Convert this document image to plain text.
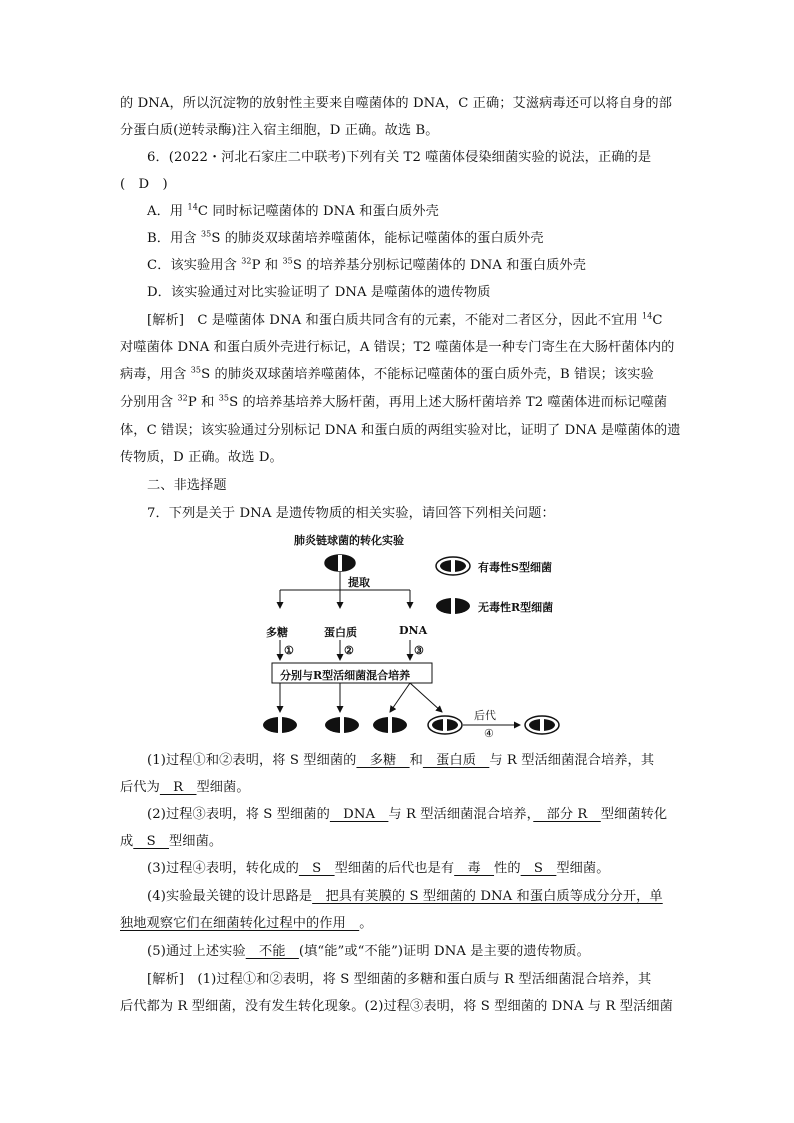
的 DNA，所以沉淀物的放射性主要来自噬菌体的 DNA，C 正确；艾滋病毒还可以将自身的部
分蛋白质(逆转录酶)注入宿主细胞，D 正确。故选 B。
6．(2022・河北石家庄二中联考)下列有关 T2 噬菌体侵染细菌实验的说法，正确的是
(　D　)
A．用 $^{14}$C 同时标记噬菌体的 DNA 和蛋白质外壳
B．用含 $^{35}$S 的肺炎双球菌培养噬菌体，能标记噬菌体的蛋白质外壳
C．该实验用含 $^{32}$P 和 $^{35}$S 的培养基分别标记噬菌体的 DNA 和蛋白质外壳
D．该实验通过对比实验证明了 DNA 是噬菌体的遗传物质
[解析]　C 是噬菌体 DNA 和蛋白质共同含有的元素，不能对二者区分，因此不宜用 $^{14}$C
对噬菌体 DNA 和蛋白质外壳进行标记，A 错误；T2 噬菌体是一种专门寄生在大肠杆菌体内的
病毒，用含 $^{35}$S 的肺炎双球菌培养噬菌体，不能标记噬菌体的蛋白质外壳，B 错误；该实验
分别用含 $^{32}$P 和 $^{35}$S 的培养基培养大肠杆菌，再用上述大肠杆菌培养 T2 噬菌体进而标记噬菌
体，C 错误；该实验通过分别标记 DNA 和蛋白质的两组实验对比，证明了 DNA 是噬菌体的遗
传物质，D 正确。故选 D。
二、非选择题
7．下列是关于 DNA 是遗传物质的相关实验，请回答下列相关问题：
肺炎链球菌的转化实验
提取
多糖	蛋白质	DNA
①	②	③
分别与R型活细菌混合培养
后代
④
有毒性S型细菌
无毒性R型细菌
(1)过程①和②表明，将 S 型细菌的　多糖　和　蛋白质　与 R 型活细菌混合培养，其
后代为　R　型细菌。
(2)过程③表明，将 S 型细菌的　DNA　与 R 型活细菌混合培养，　部分 R　型细菌转化
成　S　型细菌。
(3)过程④表明，转化成的　S　型细菌的后代也是有　毒　性的　S　型细菌。
(4)实验最关键的设计思路是　把具有荚膜的 S 型细菌的 DNA 和蛋白质等成分分开，单
独地观察它们在细菌转化过程中的作用　。
(5)通过上述实验　不能　(填“能”或“不能”)证明 DNA 是主要的遗传物质。
[解析]　(1)过程①和②表明，将 S 型细菌的多糖和蛋白质与 R 型活细菌混合培养，其
后代都为 R 型细菌，没有发生转化现象。(2)过程③表明，将 S 型细菌的 DNA 与 R 型活细菌
